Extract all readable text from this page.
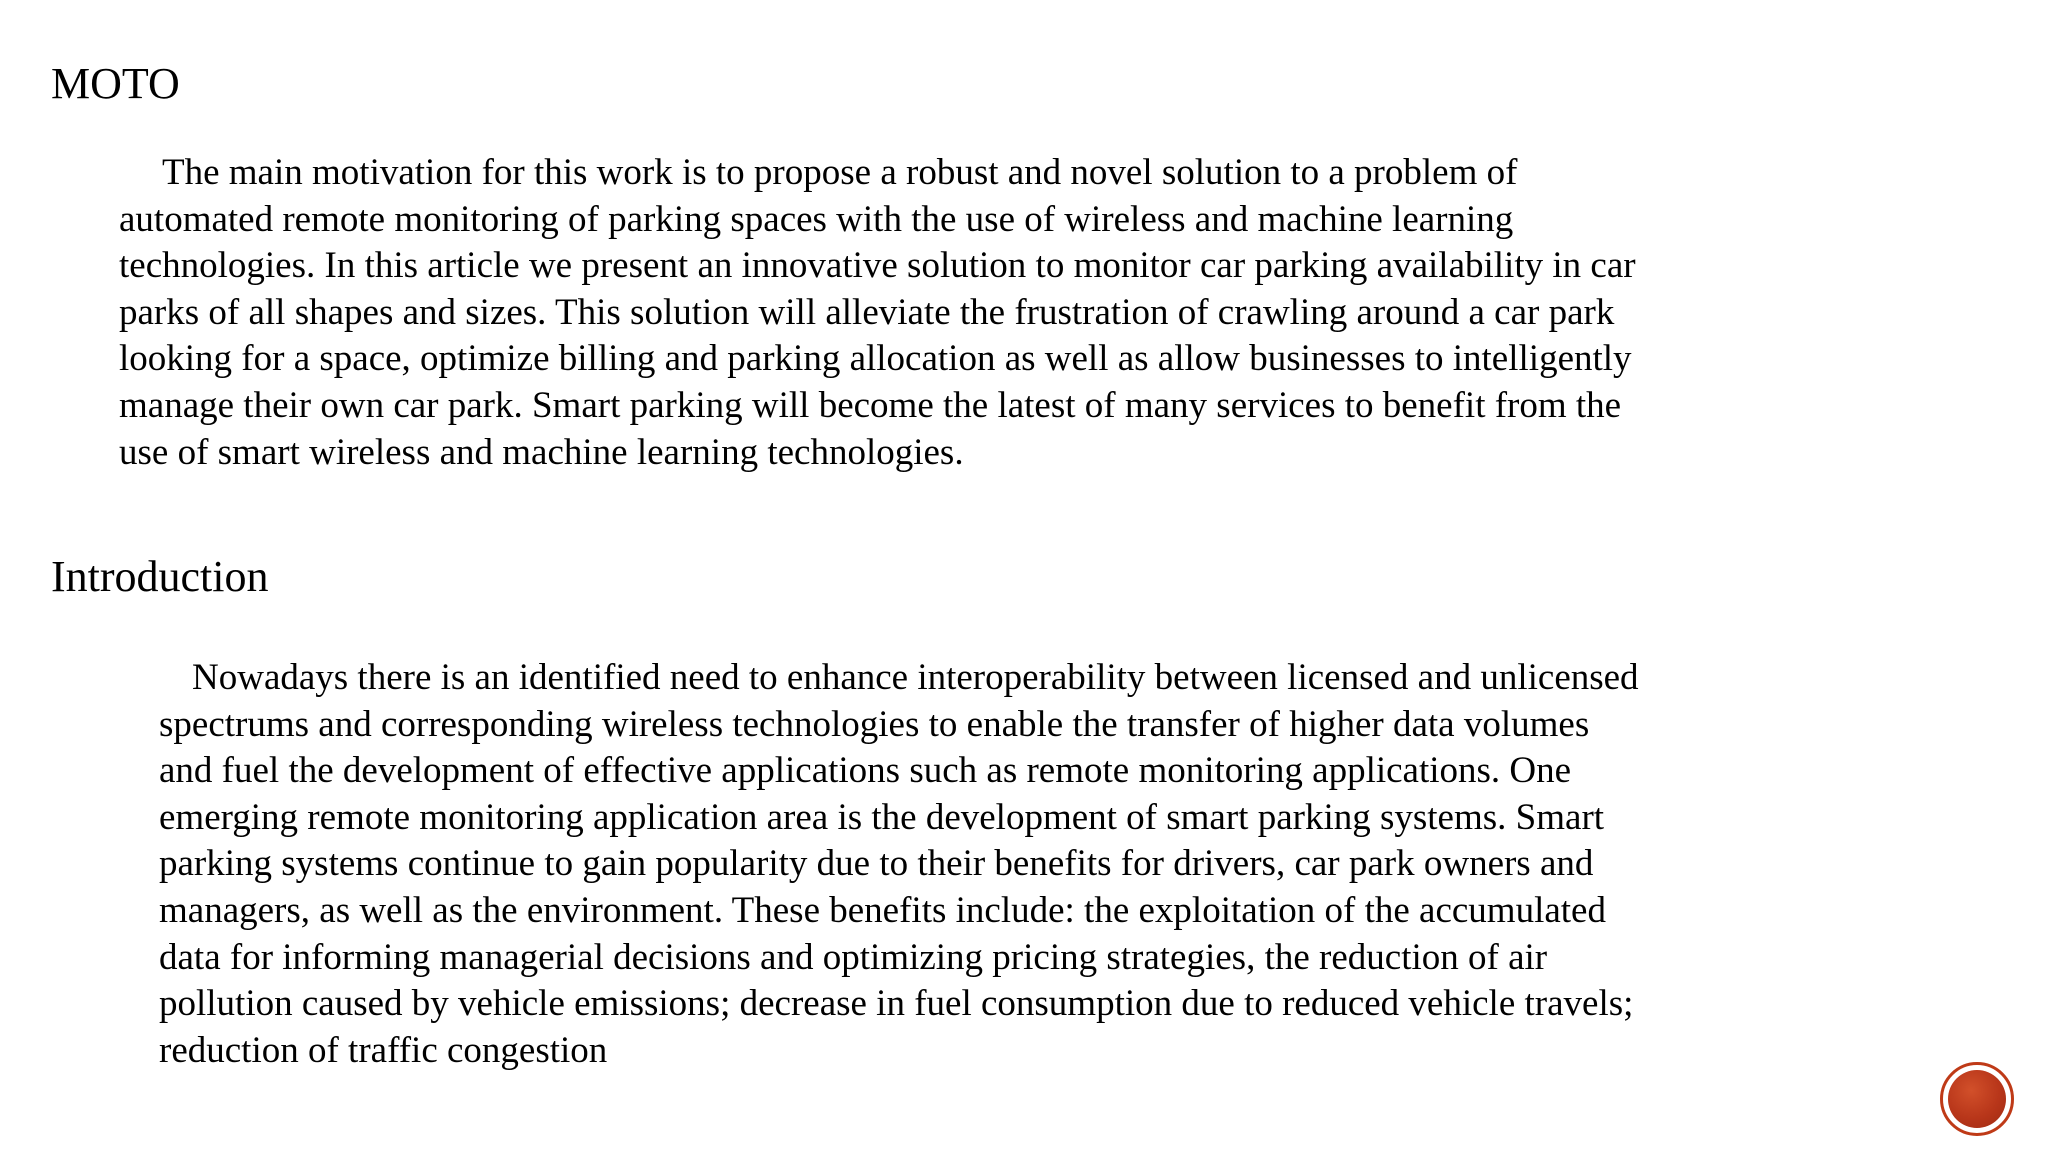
MOTO
The main motivation for this work is to propose a robust and novel solution to a problem of
automated remote monitoring of parking spaces with the use of wireless and machine learning
technologies. In this article we present an innovative solution to monitor car parking availability in car
parks of all shapes and sizes. This solution will alleviate the frustration of crawling around a car park
looking for a space, optimize billing and parking allocation as well as allow businesses to intelligently
manage their own car park. Smart parking will become the latest of many services to benefit from the
use of smart wireless and machine learning technologies.
Introduction
Nowadays there is an identified need to enhance interoperability between licensed and unlicensed
spectrums and corresponding wireless technologies to enable the transfer of higher data volumes
and fuel the development of effective applications such as remote monitoring applications. One
emerging remote monitoring application area is the development of smart parking systems. Smart
parking systems continue to gain popularity due to their benefits for drivers, car park owners and
managers, as well as the environment. These benefits include: the exploitation of the accumulated
data for informing managerial decisions and optimizing pricing strategies, the reduction of air
pollution caused by vehicle emissions; decrease in fuel consumption due to reduced vehicle travels;
reduction of traffic congestion
